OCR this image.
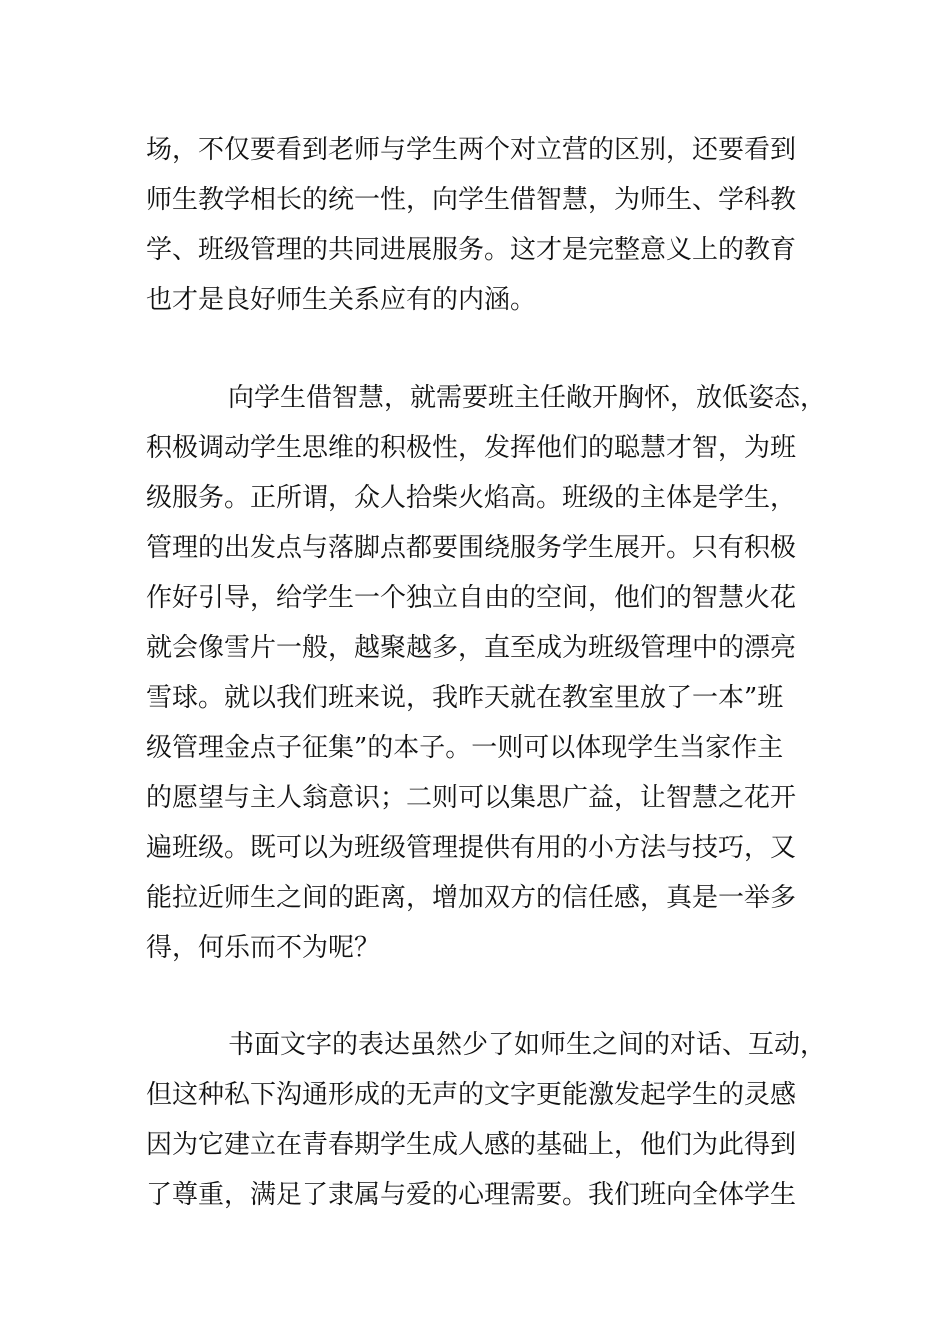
场，不仅要看到老师与学生两个对立营的区别，还要看到
师生教学相长的统一性，向学生借智慧，为师生、学科教
学、班级管理的共同进展服务。这才是完整意义上的教育
也才是良好师生关系应有的内涵。
向学生借智慧，就需要班主任敞开胸怀，放低姿态，
积极调动学生思维的积极性，发挥他们的聪慧才智，为班
级服务。正所谓，众人拾柴火焰高。班级的主体是学生，
管理的出发点与落脚点都要围绕服务学生展开。只有积极
作好引导，给学生一个独立自由的空间，他们的智慧火花
就会像雪片一般，越聚越多，直至成为班级管理中的漂亮
雪球。就以我们班来说，我昨天就在教室里放了一本”班
级管理金点子征集”的本子。一则可以体现学生当家作主
的愿望与主人翁意识；二则可以集思广益，让智慧之花开
遍班级。既可以为班级管理提供有用的小方法与技巧，又
能拉近师生之间的距离，增加双方的信任感，真是一举多
得，何乐而不为呢？
书面文字的表达虽然少了如师生之间的对话、互动，
但这种私下沟通形成的无声的文字更能激发起学生的灵感
因为它建立在青春期学生成人感的基础上，他们为此得到
了尊重，满足了隶属与爱的心理需要。我们班向全体学生
